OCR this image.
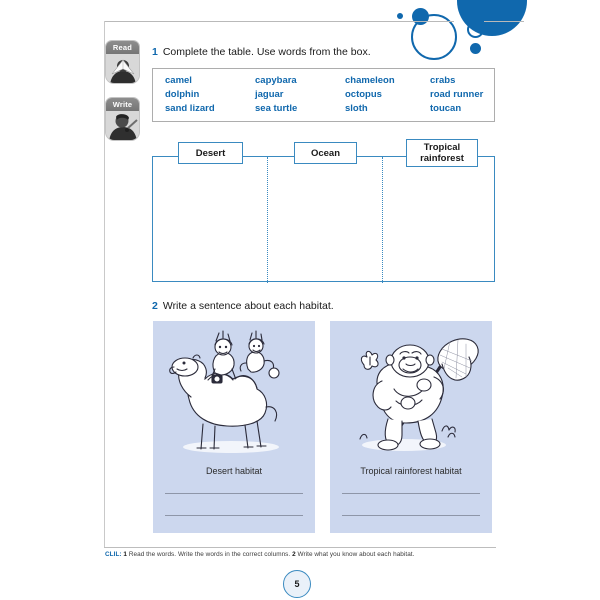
Read
Write
1 Complete the table. Use words from the box.
camel	capybara	chameleon	crabs
dolphin	jaguar	octopus	road runner
sand lizard	sea turtle	sloth	toucan
Desert	Ocean	Tropical
rainforest
2 Write a sentence about each habitat.
Desert habitat	Tropical rainforest habitat
CLIL: 1 Read the words. Write the words in the correct columns. 2 Write what you know about each habitat.
5
